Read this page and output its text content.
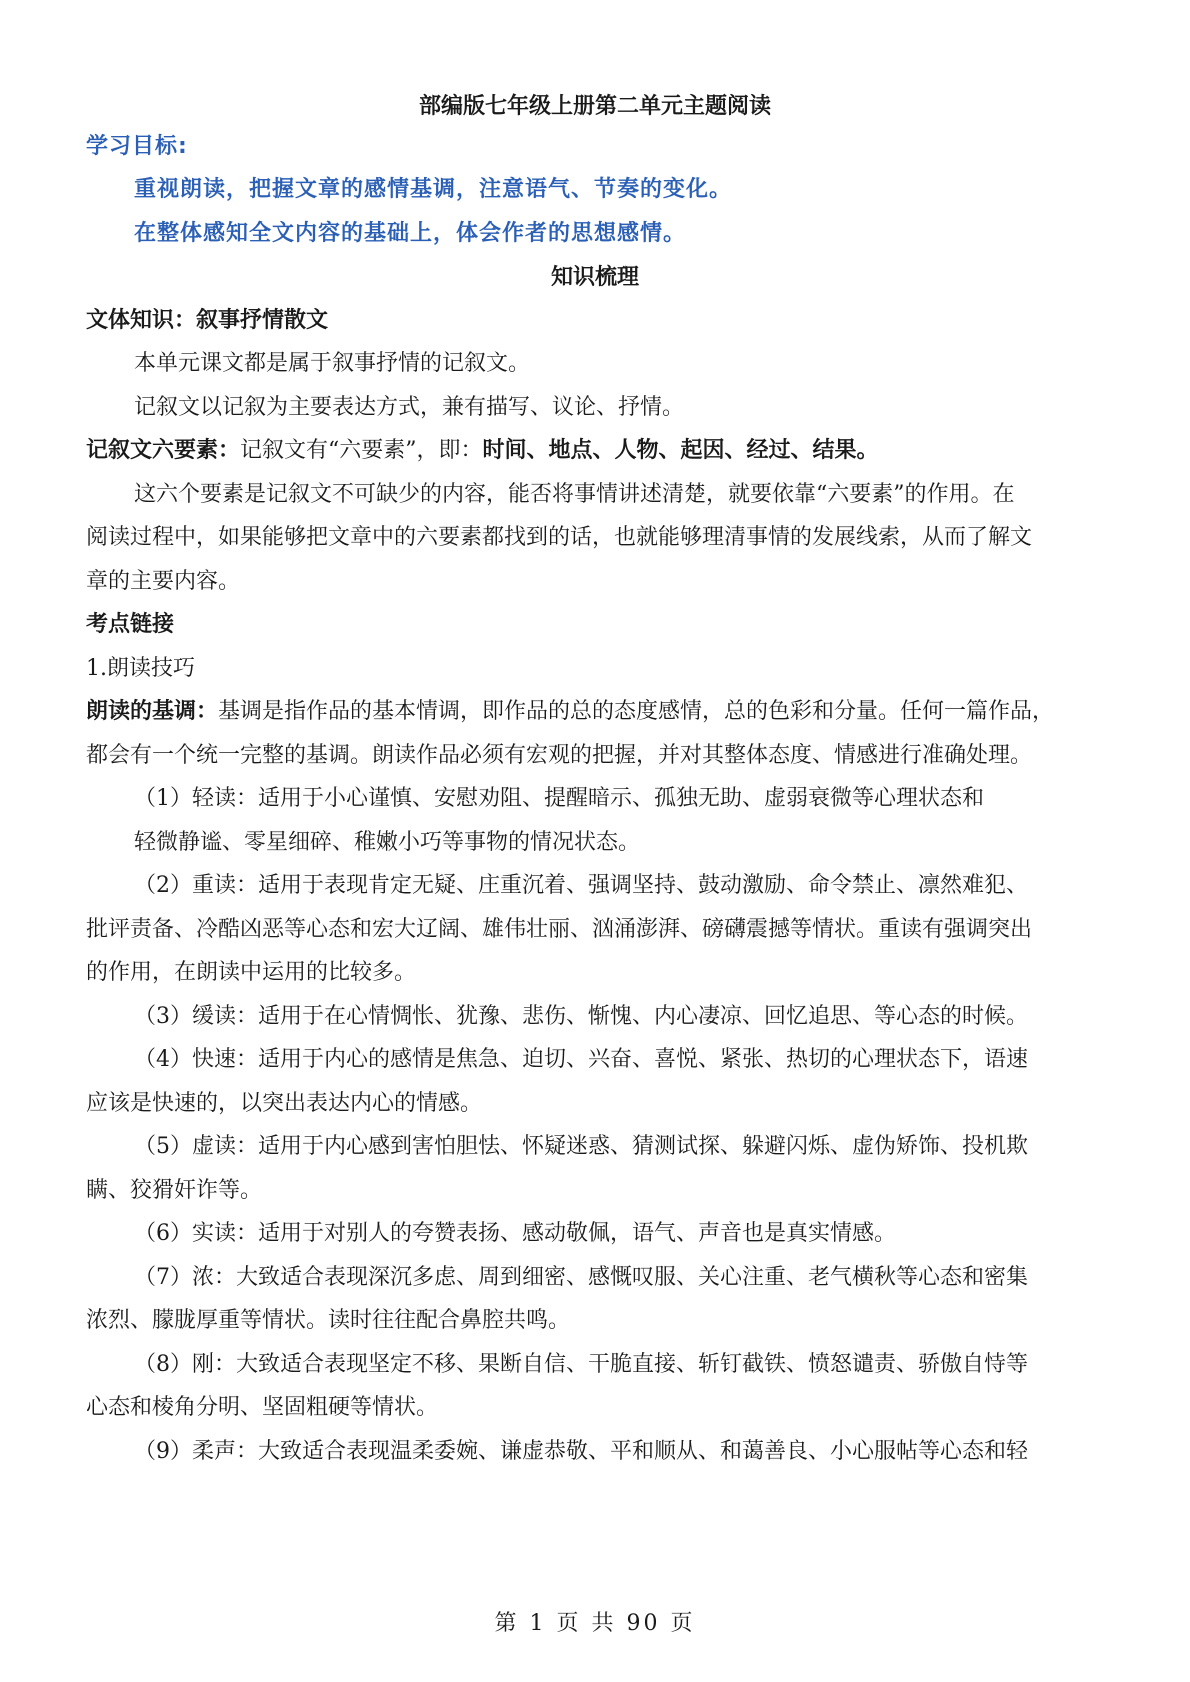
部编版七年级上册第二单元主题阅读
学习目标:
重视朗读，把握文章的感情基调，注意语气、节奏的变化。
在整体感知全文内容的基础上，体会作者的思想感情。
知识梳理
文体知识：叙事抒情散文
本单元课文都是属于叙事抒情的记叙文。
记叙文以记叙为主要表达方式，兼有描写、议论、抒情。
记叙文六要素：记叙文有“六要素”，即：时间、地点、人物、起因、经过、结果。
这六个要素是记叙文不可缺少的内容，能否将事情讲述清楚，就要依靠“六要素”的作用。在
阅读过程中，如果能够把文章中的六要素都找到的话，也就能够理清事情的发展线索，从而了解文
章的主要内容。
考点链接
1.朗读技巧
朗读的基调：基调是指作品的基本情调，即作品的总的态度感情，总的色彩和分量。任何一篇作品，
都会有一个统一完整的基调。朗读作品必须有宏观的把握，并对其整体态度、情感进行准确处理。
（1）轻读：适用于小心谨慎、安慰劝阻、提醒暗示、孤独无助、虚弱衰微等心理状态和
轻微静谧、零星细碎、稚嫩小巧等事物的情况状态。
（2）重读：适用于表现肯定无疑、庄重沉着、强调坚持、鼓动激励、命令禁止、凛然难犯、
批评责备、冷酷凶恶等心态和宏大辽阔、雄伟壮丽、汹涌澎湃、磅礴震撼等情状。重读有强调突出
的作用，在朗读中运用的比较多。
（3）缓读：适用于在心情惆怅、犹豫、悲伤、惭愧、内心凄凉、回忆追思、等心态的时候。
（4）快速：适用于内心的感情是焦急、迫切、兴奋、喜悦、紧张、热切的心理状态下，语速
应该是快速的，以突出表达内心的情感。
（5）虚读：适用于内心感到害怕胆怯、怀疑迷惑、猜测试探、躲避闪烁、虚伪矫饰、投机欺
瞒、狡猾奸诈等。
（6）实读：适用于对别人的夸赞表扬、感动敬佩，语气、声音也是真实情感。
（7）浓：大致适合表现深沉多虑、周到细密、感慨叹服、关心注重、老气横秋等心态和密集
浓烈、朦胧厚重等情状。读时往往配合鼻腔共鸣。
（8）刚：大致适合表现坚定不移、果断自信、干脆直接、斩钉截铁、愤怒谴责、骄傲自恃等
心态和棱角分明、坚固粗硬等情状。
（9）柔声：大致适合表现温柔委婉、谦虚恭敬、平和顺从、和蔼善良、小心服帖等心态和轻
第 1 页 共 90 页
